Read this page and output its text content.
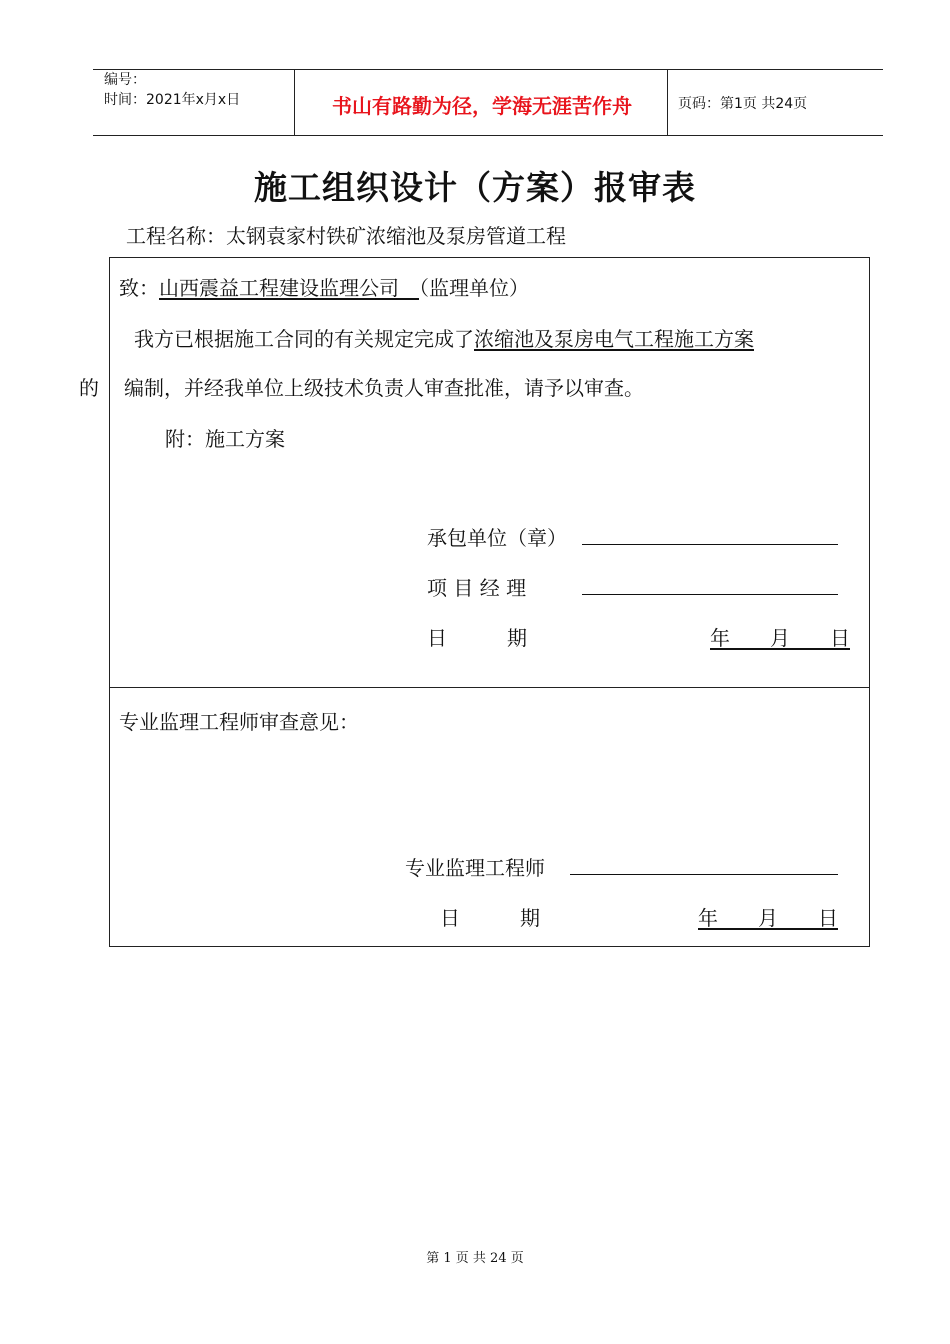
编号：
时间：2021年x月x日	书山有路勤为径，学海无涯苦作舟	页码：第1页 共24页
施工组织设计（方案）报审表
工程名称：太钢袁家村铁矿浓缩池及泵房管道工程
致：山西震益工程建设监理公司　 （监理单位）
我方已根据施工合同的有关规定完成了浓缩池及泵房电气工程施工方案
的 编制，并经我单位上级技术负责人审查批准，请予以审查。
附：施工方案
承包单位（章）
项 目 经 理
日　　　期	年　　月　　日
专业监理工程师审查意见：
专业监理工程师
日　　　期	年　　月　　日
第 1 页 共 24 页
